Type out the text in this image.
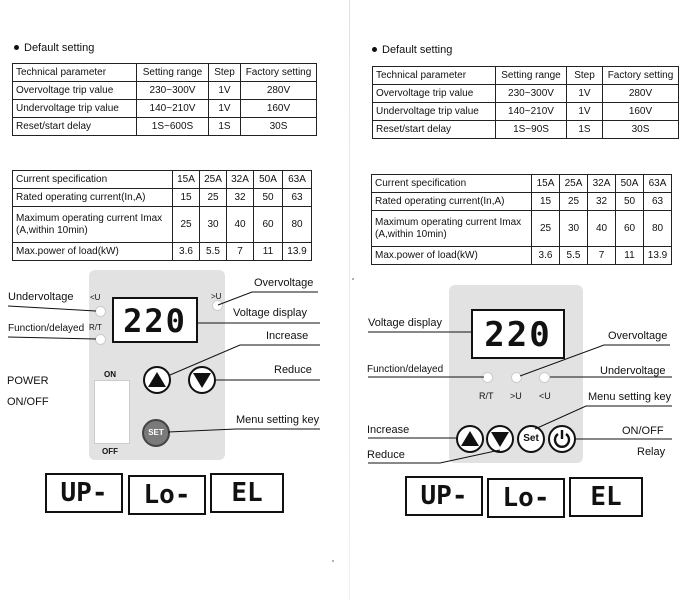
Default setting
Technical parameter	Setting range	Step	Factory setting
Overvoltage trip value	230~300V	1V	280V
Undervoltage trip value	140~210V	1V	160V
Reset/start delay	1S~600S	1S	30S
Current specification	15A	25A	32A	50A	63A
Rated operating current(In,A)	15	25	32	50	63
Maximum operating current Imax (A,within 10min)	25	30	40	60	80
Max.power of load(kW)	3.6	5.5	7	11	13.9
220
<U
R/T
>U
SET
ON
OFF
Undervoltage
Function/delayed
Overvoltage
Voltage display
Increase
Reduce
POWER
ON/OFF
Menu setting key
UP-	Lo-	EL
Default setting
Technical parameter	Setting range	Step	Factory setting
Overvoltage trip value	230~300V	1V	280V
Undervoltage trip value	140~210V	1V	160V
Reset/start delay	1S~90S	1S	30S
Current specification	15A	25A	32A	50A	63A
Rated operating current(In,A)	15	25	32	50	63
Maximum operating current Imax (A,within 10min)	25	30	40	60	80
Max.power of load(kW)	3.6	5.5	7	11	13.9
220
R/T >U <U
Set
Voltage display
Overvoltage
Function/delayed	Undervoltage
Menu setting key
Increase	ON/OFF
Reduce	Relay
UP-	Lo-	EL
